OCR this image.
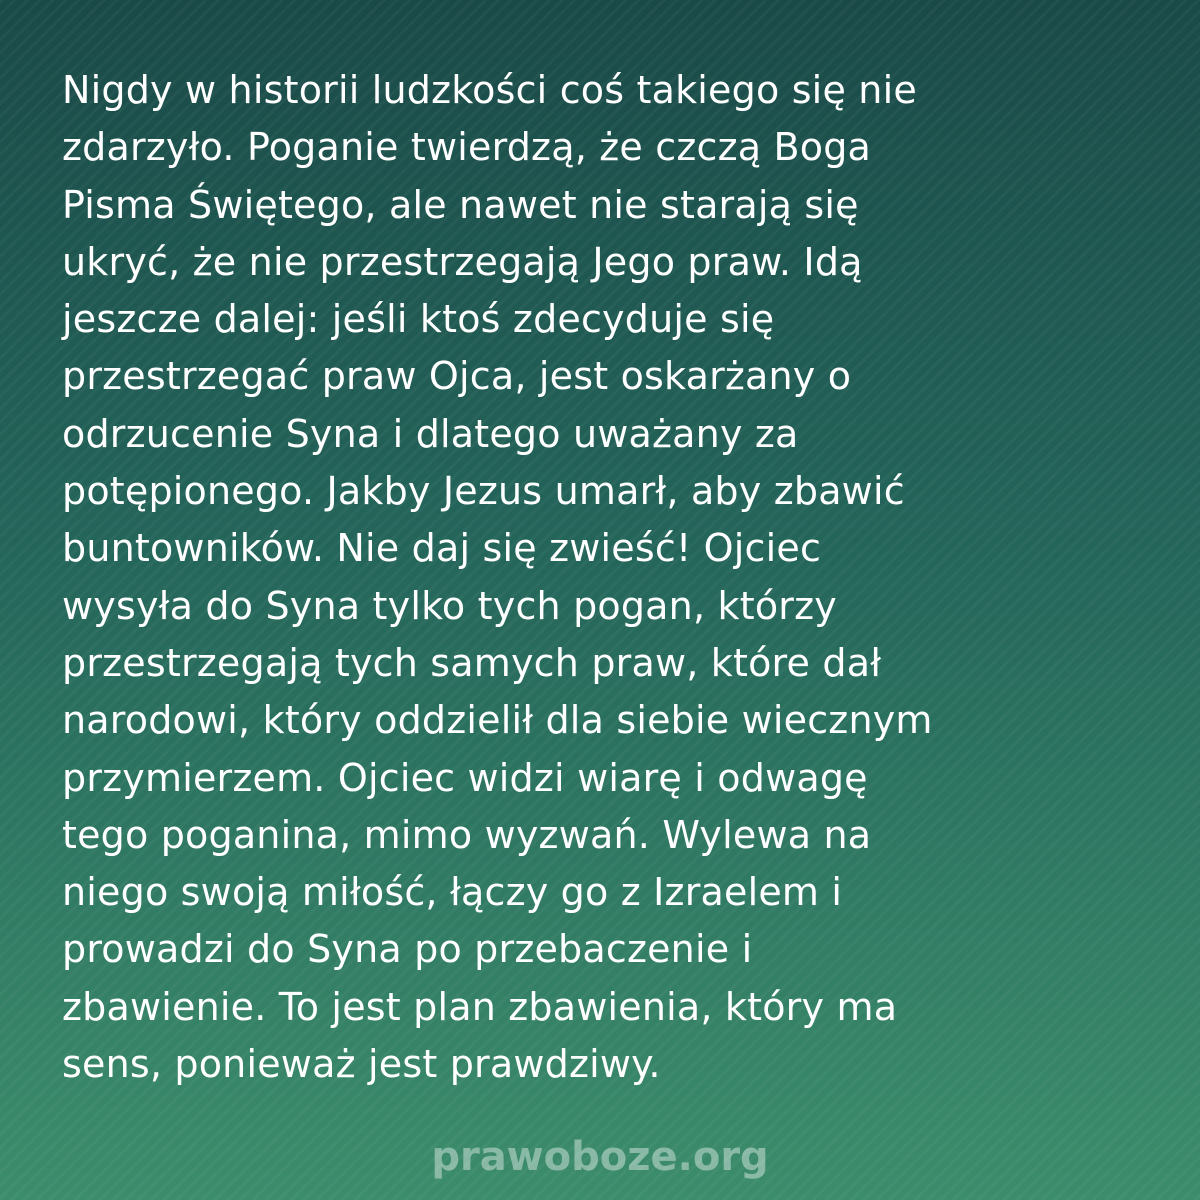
Nigdy w historii ludzkości coś takiego się nie
zdarzyło. Poganie twierdzą, że czczą Boga
Pisma Świętego, ale nawet nie starają się
ukryć, że nie przestrzegają Jego praw. Idą
jeszcze dalej: jeśli ktoś zdecyduje się
przestrzegać praw Ojca, jest oskarżany o
odrzucenie Syna i dlatego uważany za
potępionego. Jakby Jezus umarł, aby zbawić
buntowników. Nie daj się zwieść! Ojciec
wysyła do Syna tylko tych pogan, którzy
przestrzegają tych samych praw, które dał
narodowi, który oddzielił dla siebie wiecznym
przymierzem. Ojciec widzi wiarę i odwagę
tego poganina, mimo wyzwań. Wylewa na
niego swoją miłość, łączy go z Izraelem i
prowadzi do Syna po przebaczenie i
zbawienie. To jest plan zbawienia, który ma
sens, ponieważ jest prawdziwy.
prawoboze.org
